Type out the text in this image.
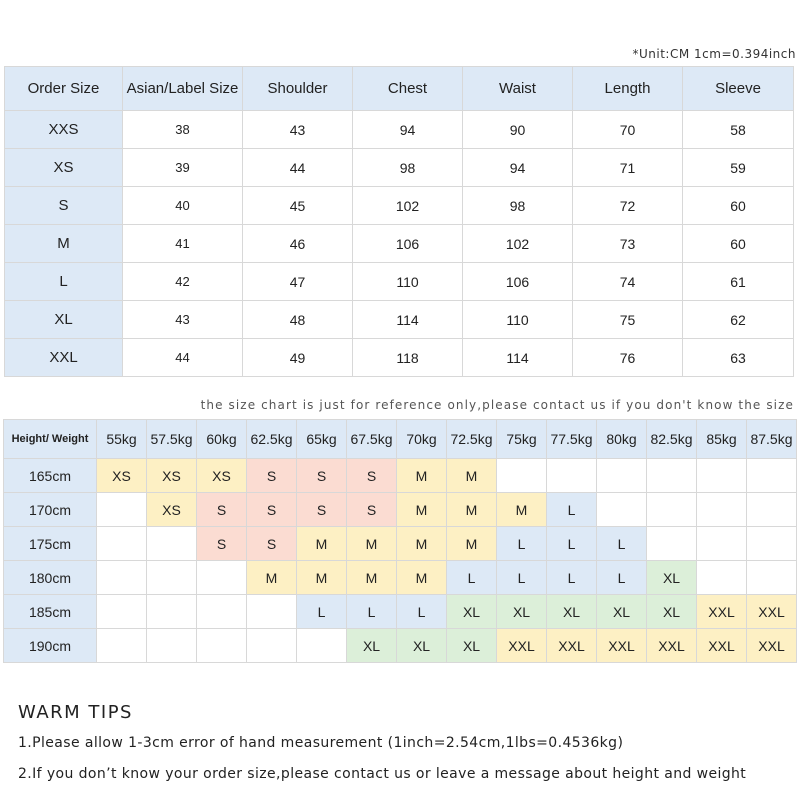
*Unit:CM 1cm=0.394inch
Order Size	Asian/Label Size	Shoulder	Chest	Waist	Length	Sleeve
XXS	38	43	94	90	70	58
XS	39	44	98	94	71	59
S	40	45	102	98	72	60
M	41	46	106	102	73	60
L	42	47	110	106	74	61
XL	43	48	114	110	75	62
XXL	44	49	118	114	76	63
the size chart is just for reference only,please contact us if you don't know the size
Height/ Weight	55kg	57.5kg	60kg	62.5kg	65kg	67.5kg	70kg	72.5kg	75kg	77.5kg	80kg	82.5kg	85kg	87.5kg
165cm	XS	XS	XS	S	S	S	M	M						
170cm		XS	S	S	S	S	M	M	M	L				
175cm			S	S	M	M	M	M	L	L	L			
180cm				M	M	M	M	L	L	L	L	XL		
185cm					L	L	L	XL	XL	XL	XL	XL	XXL	XXL
190cm						XL	XL	XL	XXL	XXL	XXL	XXL	XXL	XXL
WARM TIPS
1.Please allow 1-3cm error of hand measurement (1inch=2.54cm,1lbs=0.4536kg)
2.If you don’t know your order size,please contact us or leave a message about height and weight
